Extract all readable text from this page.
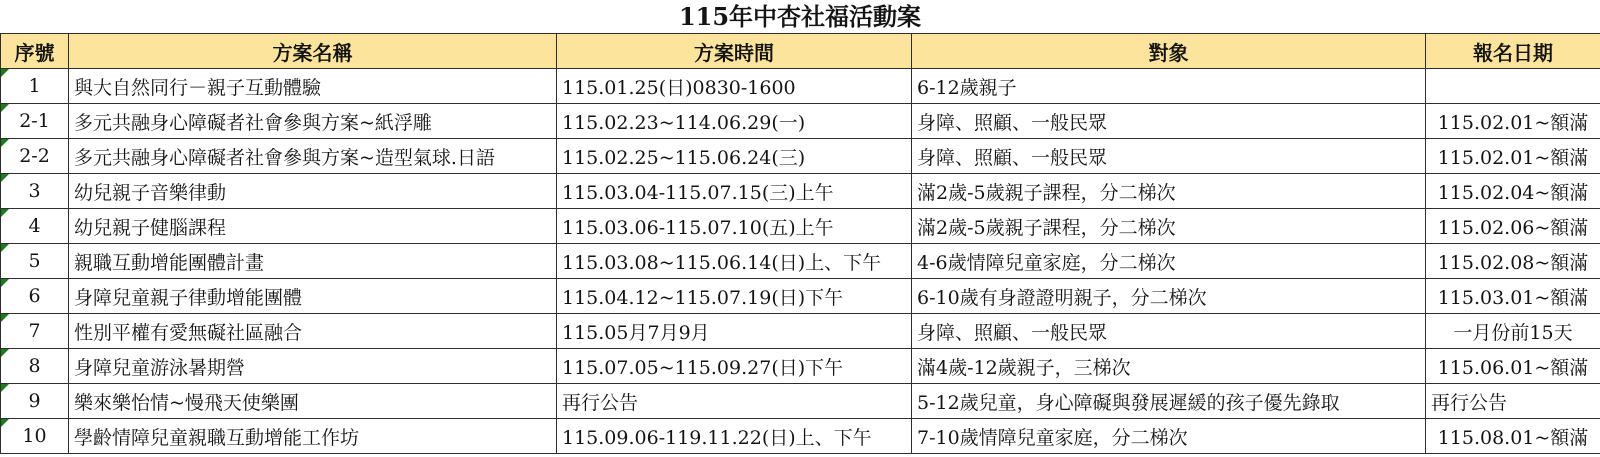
115年中杏社福活動案
序號	方案名稱	方案時間	對象	報名日期

1	與大自然同行－親子互動體驗	115.01.25(日)0830-1600	6-12歲親子	

2-1	多元共融身心障礙者社會參與方案~紙浮雕	115.02.23~114.06.29(一)	身障、照顧、一般民眾	115.02.01~額滿

2-2	多元共融身心障礙者社會參與方案~造型氣球.日語	115.02.25~115.06.24(三)	身障、照顧、一般民眾	115.02.01~額滿

3	幼兒親子音樂律動	115.03.04-115.07.15(三)上午	滿2歲-5歲親子課程，分二梯次	115.02.04~額滿

4	幼兒親子健腦課程	115.03.06-115.07.10(五)上午	滿2歲-5歲親子課程，分二梯次	115.02.06~額滿

5	親職互動增能團體計畫	115.03.08~115.06.14(日)上、下午	4-6歲情障兒童家庭，分二梯次	115.02.08~額滿

6	身障兒童親子律動增能團體	115.04.12~115.07.19(日)下午	6-10歲有身證證明親子，分二梯次	115.03.01~額滿

7	性別平權有愛無礙社區融合	115.05月7月9月	身障、照顧、一般民眾	一月份前15天

8	身障兒童游泳暑期營	115.07.05~115.09.27(日)下午	滿4歲-12歲親子，三梯次	115.06.01~額滿

9	樂來樂怡情~慢飛天使樂團	再行公告	5-12歲兒童，身心障礙與發展遲緩的孩子優先錄取	再行公告

10	學齡情障兒童親職互動增能工作坊	115.09.06-119.11.22(日)上、下午	7-10歲情障兒童家庭，分二梯次	115.08.01~額滿
